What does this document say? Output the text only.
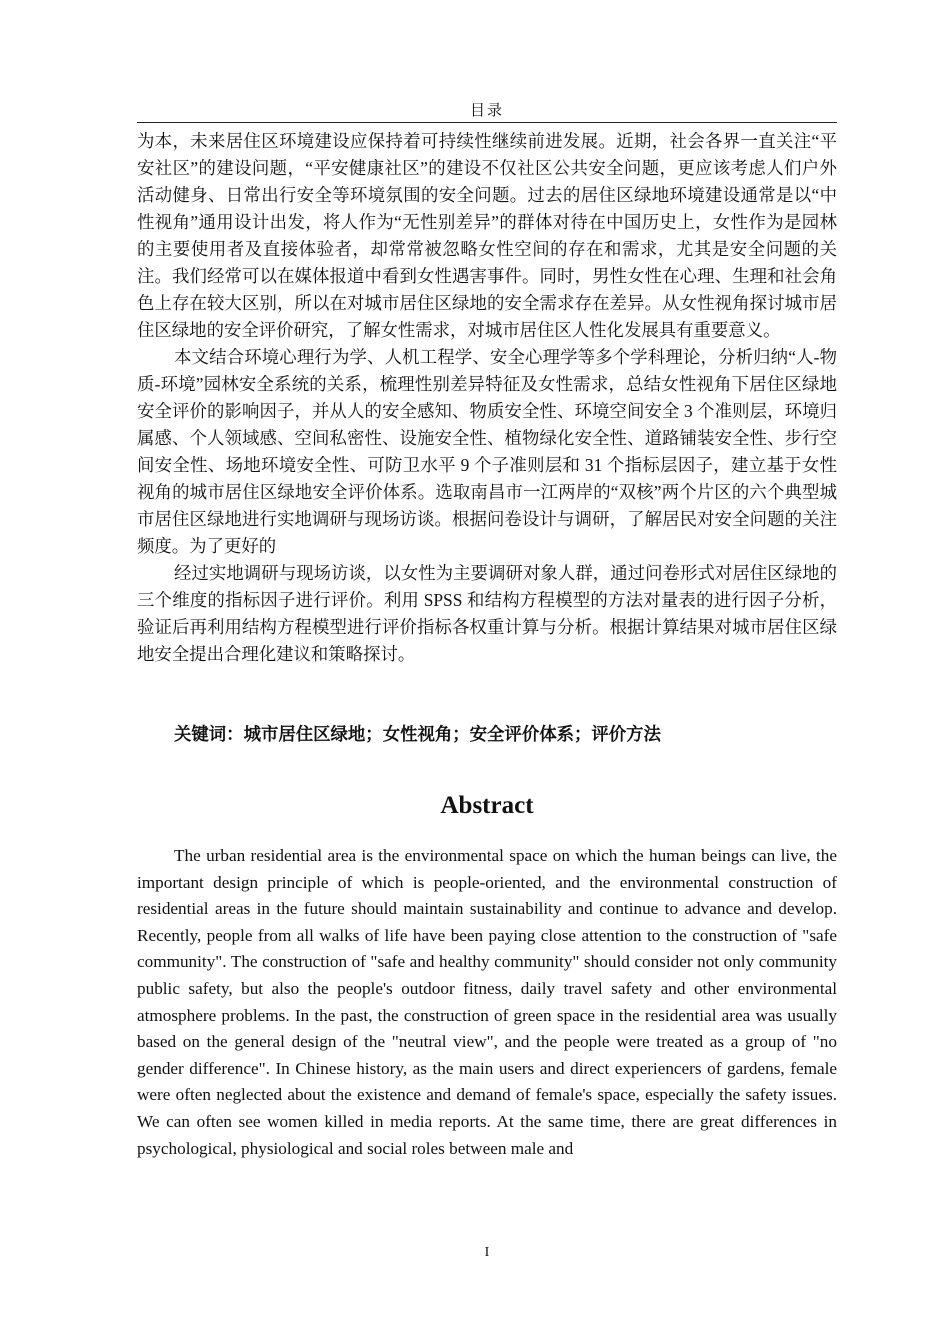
目录

为本，未来居住区环境建设应保持着可持续性继续前进发展。近期，社会各界一直关注“平安社区”的建设问题，“平安健康社区”的建设不仅社区公共安全问题，更应该考虑人们户外活动健身、日常出行安全等环境氛围的安全问题。过去的居住区绿地环境建设通常是以“中性视角”通用设计出发，将人作为“无性别差异”的群体对待在中国历史上，女性作为是园林的主要使用者及直接体验者，却常常被忽略女性空间的存在和需求，尤其是安全问题的关注。我们经常可以在媒体报道中看到女性遇害事件。同时，男性女性在心理、生理和社会角色上存在较大区别，所以在对城市居住区绿地的安全需求存在差异。从女性视角探讨城市居住区绿地的安全评价研究，了解女性需求，对城市居住区人性化发展具有重要意义。

本文结合环境心理行为学、人机工程学、安全心理学等多个学科理论，分析归纳“人-物质-环境”园林安全系统的关系，梳理性别差异特征及女性需求，总结女性视角下居住区绿地安全评价的影响因子，并从人的安全感知、物质安全性、环境空间安全 3 个准则层，环境归属感、个人领域感、空间私密性、设施安全性、植物绿化安全性、道路铺装安全性、步行空间安全性、场地环境安全性、可防卫水平 9 个子准则层和 31 个指标层因子，建立基于女性视角的城市居住区绿地安全评价体系。选取南昌市一江两岸的“双核”两个片区的六个典型城市居住区绿地进行实地调研与现场访谈。根据问卷设计与调研，了解居民对安全问题的关注频度。为了更好的

经过实地调研与现场访谈，以女性为主要调研对象人群，通过问卷形式对居住区绿地的三个维度的指标因子进行评价。利用 SPSS 和结构方程模型的方法对量表的进行因子分析，验证后再利用结构方程模型进行评价指标各权重计算与分析。根据计算结果对城市居住区绿地安全提出合理化建议和策略探讨。

关键词：城市居住区绿地；女性视角；安全评价体系；评价方法
Abstract

The urban residential area is the environmental space on which the human beings can live, the important design principle of which is people-oriented, and the environmental construction of residential areas in the future should maintain sustainability and continue to advance and develop. Recently, people from all walks of life have been paying close attention to the construction of "safe community". The construction of "safe and healthy community" should consider not only community public safety, but also the people's outdoor fitness, daily travel safety and other environmental atmosphere problems. In the past, the construction of green space in the residential area was usually based on the general design of the "neutral view", and the people were treated as a group of "no gender difference". In Chinese history, as the main users and direct experiencers of gardens, female were often neglected about the existence and demand of female's space, especially the safety issues. We can often see women killed in media reports. At the same time, there are great differences in psychological, physiological and social roles between male and

I
